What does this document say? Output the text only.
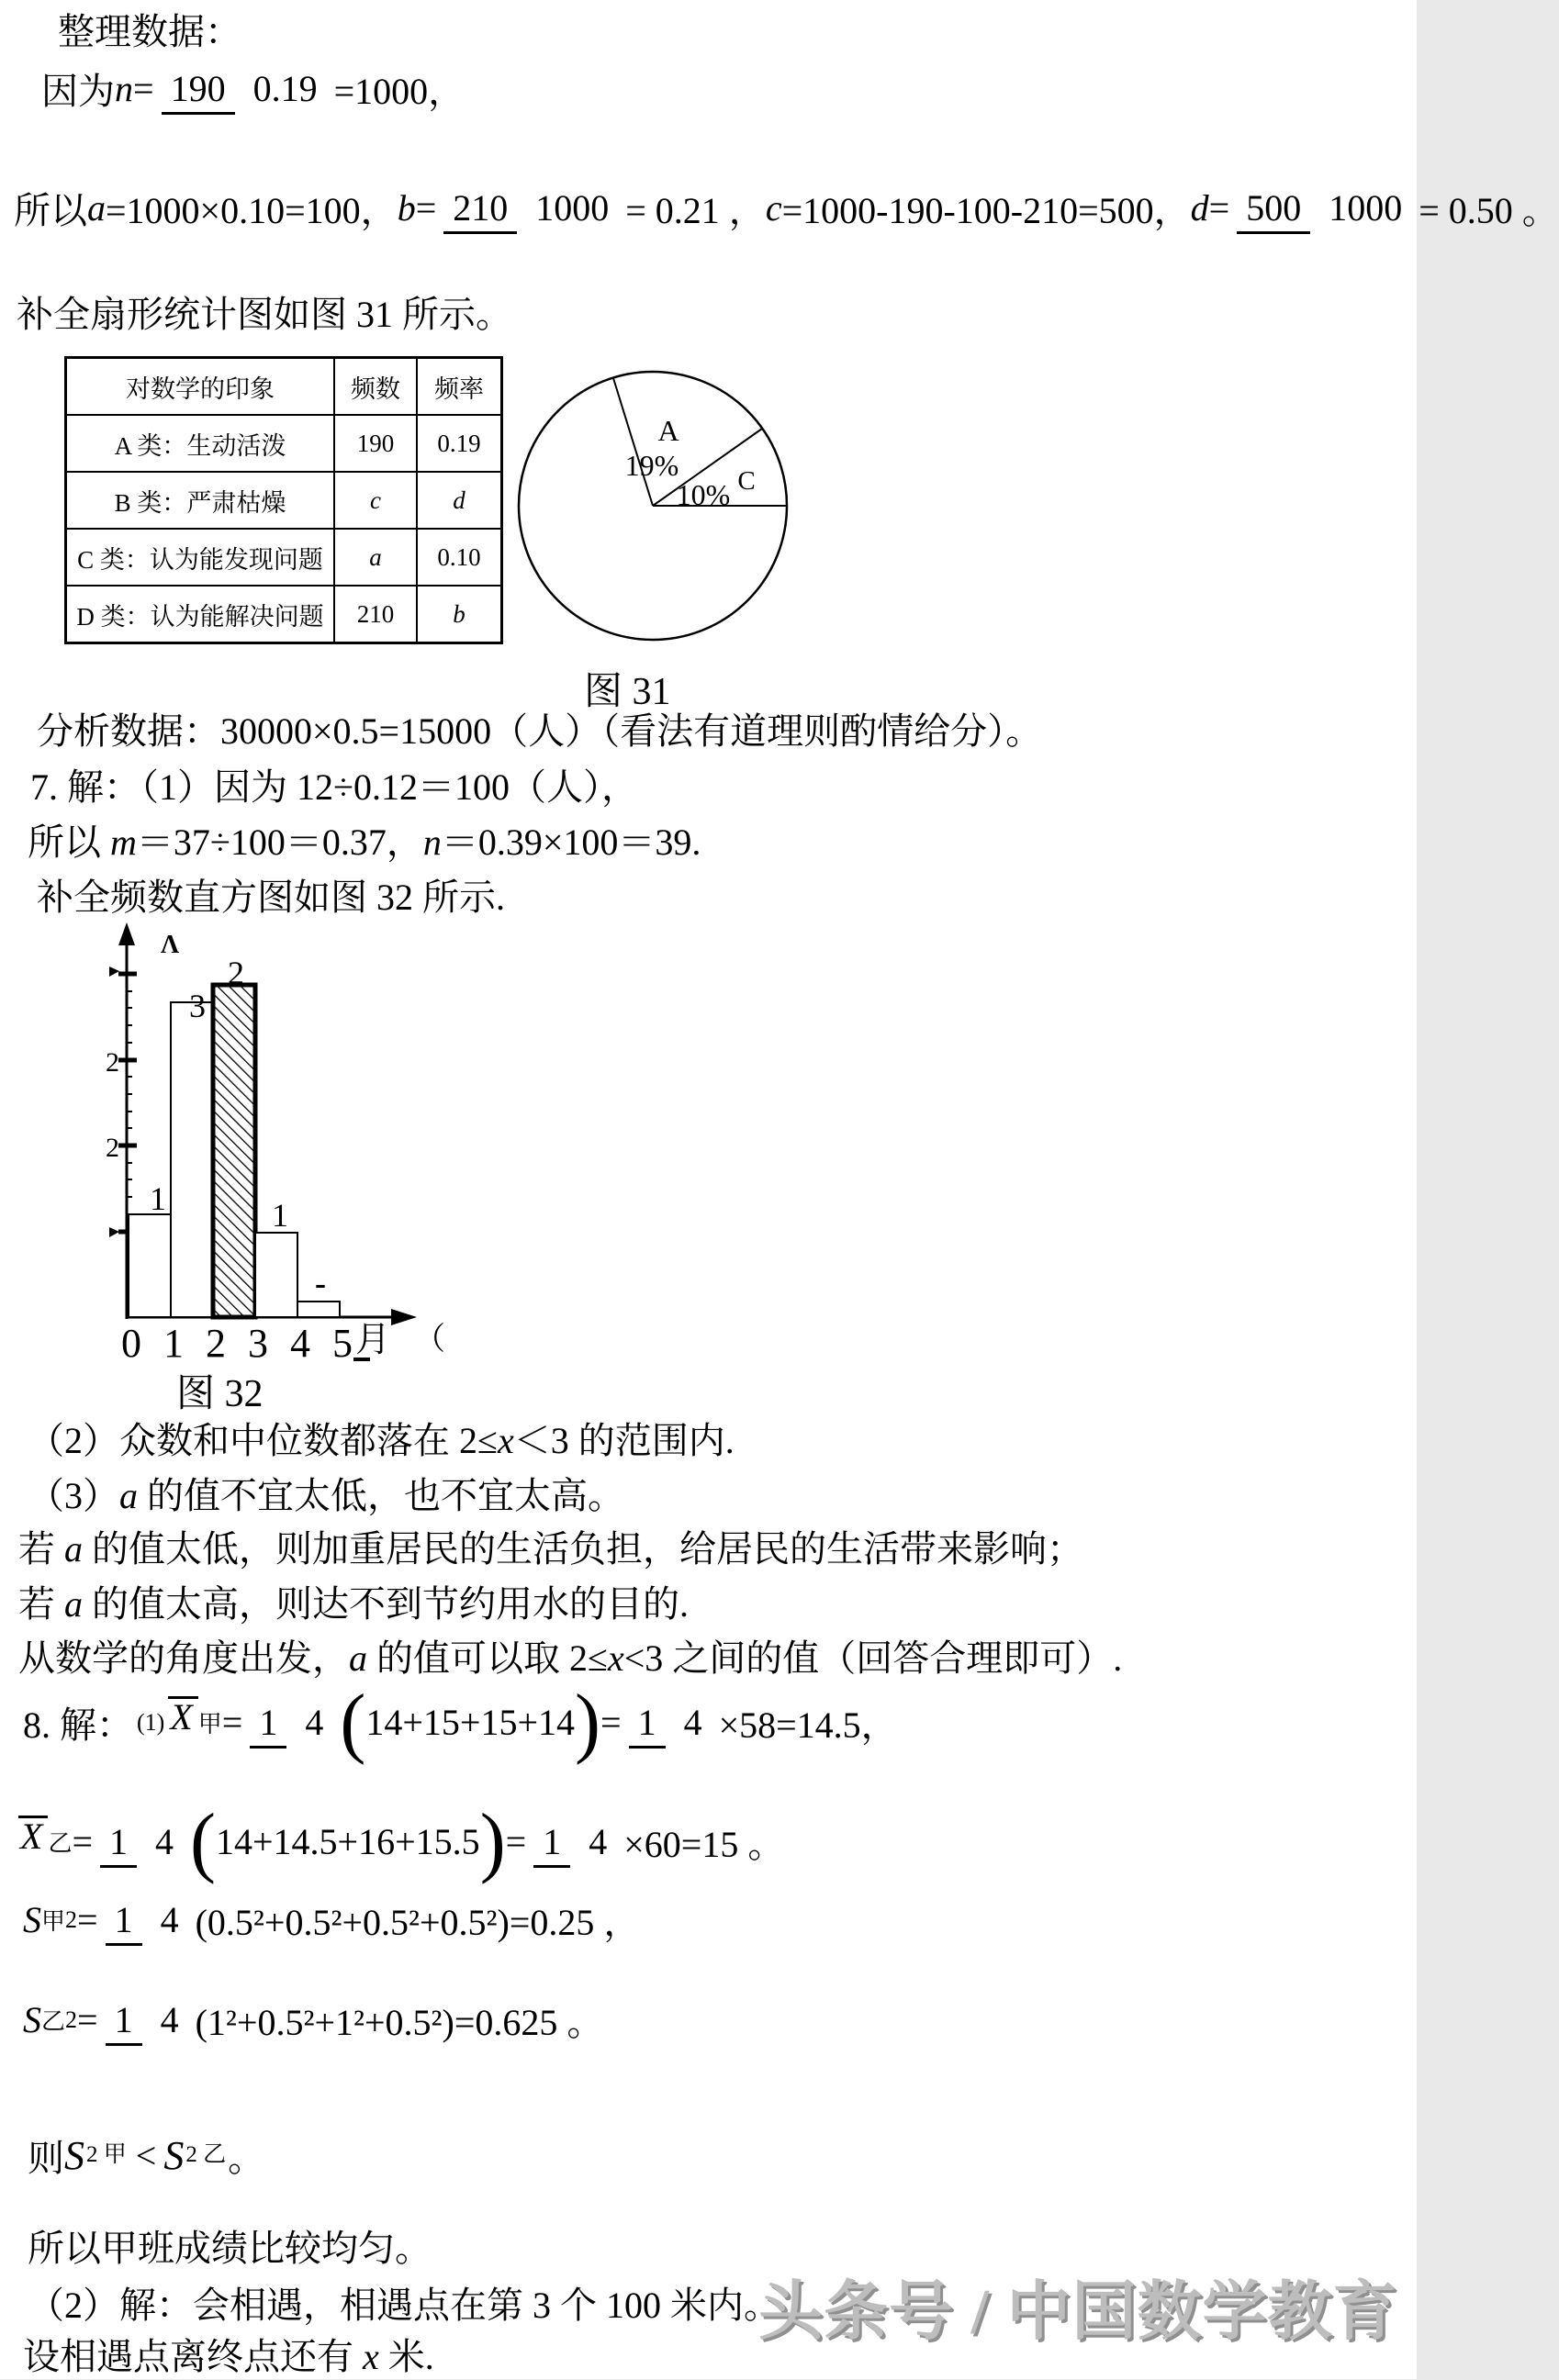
整理数据：
因为 n = 190 0.19 =1000，
所以 a =1000×0.10=100， b = 210 1000 = 0.21 ， c =1000-190-100-210=500， d = 500 1000 = 0.50 。
补全扇形统计图如图 31 所示。
对数学的印象	频数	频率
A 类：生动活泼	190	0.19
B 类：严肃枯燥	c	d
C 类：认为能发现问题	a	0.10
D 类：认为能解决问题	210	b
A
19% C
10%
图 31
分析数据：30000×0.5=15000（人）（看法有道理则酌情给分）。
7. 解：（1）因为 12÷0.12＝100（人），
所以 m＝37÷100＝0.37，n＝0.39×100＝39.
补全频数直方图如图 32 所示.
2
2
Λ
3
1
2
1
-
0 1 2 3 4 5 月 （
图 32
（2）众数和中位数都落在 2≤x＜3 的范围内.
（3）a 的值不宜太低，也不宜太高。
若 a 的值太低，则加重居民的生活负担，给居民的生活带来影响；
若 a 的值太高，则达不到节约用水的目的.
从数学的角度出发，a 的值可以取 2≤x<3 之间的值（回答合理即可）.
8. 解： (1) X 甲 = 1 4 ( 14+15+15+14 ) = 1 4 ×58=14.5，
X 乙 = 1 4 ( 14+14.5+16+15.5 ) = 1 4 ×60=15 。
S 甲 2 = 1 4 (0.5²+0.5²+0.5²+0.5²)=0.25 ，
S 乙 2 = 1 4 (1²+0.5²+1²+0.5²)=0.625 。
则 S 2 甲 < S 2 乙 。
所以甲班成绩比较均匀。
（2）解：会相遇，相遇点在第 3 个 100 米内。
设相遇点离终点还有 x 米.
头条号 / 中国数学教育
